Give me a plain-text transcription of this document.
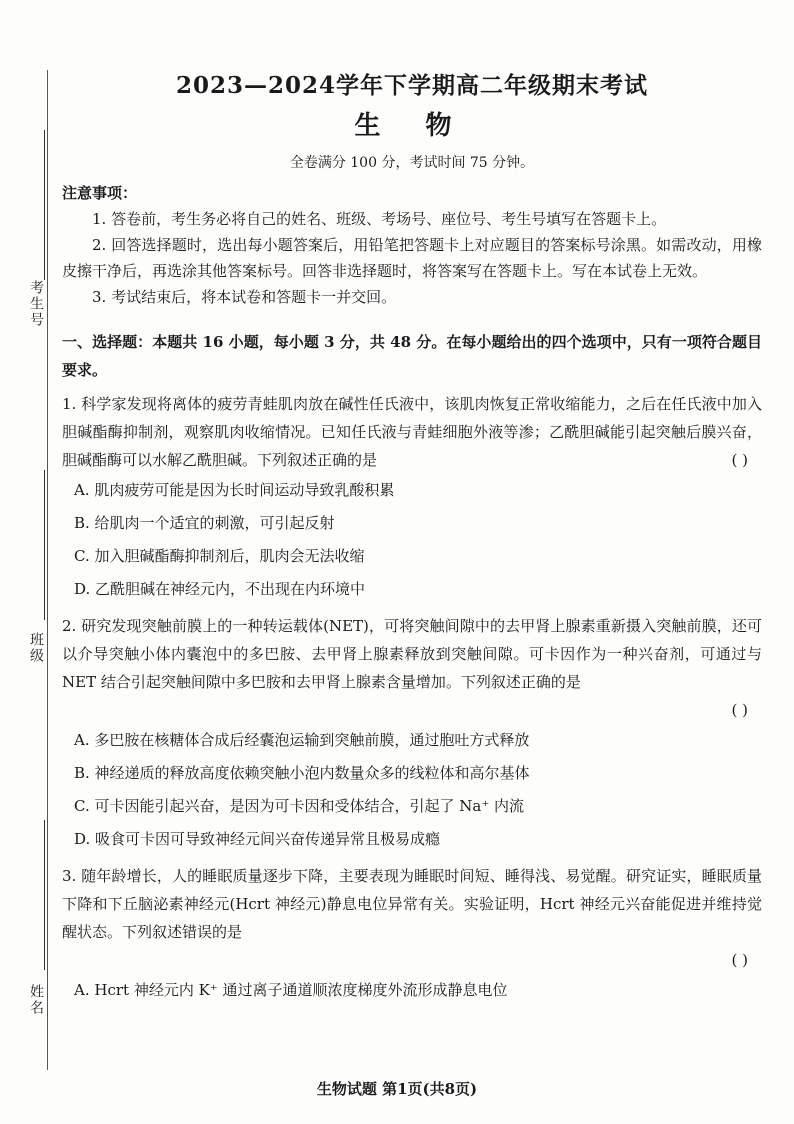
考生号
班级
姓名
2023—2024学年下学期高二年级期末考试
生 物
全卷满分 100 分，考试时间 75 分钟。
注意事项：
1. 答卷前，考生务必将自己的姓名、班级、考场号、座位号、考生号填写在答题卡上。
2. 回答选择题时，选出每小题答案后，用铅笔把答题卡上对应题目的答案标号涂黑。如需改动，用橡皮擦干净后，再选涂其他答案标号。回答非选择题时，将答案写在答题卡上。写在本试卷上无效。
3. 考试结束后，将本试卷和答题卡一并交回。
一、选择题：本题共 16 小题，每小题 3 分，共 48 分。在每小题给出的四个选项中，只有一项符合题目要求。
1. 科学家发现将离体的疲劳青蛙肌肉放在碱性任氏液中，该肌肉恢复正常收缩能力，之后在任氏液中加入胆碱酯酶抑制剂，观察肌肉收缩情况。已知任氏液与青蛙细胞外液等渗；乙酰胆碱能引起突触后膜兴奋，胆碱酯酶可以水解乙酰胆碱。下列叙述正确的是	( )
A. 肌肉疲劳可能是因为长时间运动导致乳酸积累
B. 给肌肉一个适宜的刺激，可引起反射
C. 加入胆碱酯酶抑制剂后，肌肉会无法收缩
D. 乙酰胆碱在神经元内，不出现在内环境中
2. 研究发现突触前膜上的一种转运载体(NET)，可将突触间隙中的去甲肾上腺素重新摄入突触前膜，还可以介导突触小体内囊泡中的多巴胺、去甲肾上腺素释放到突触间隙。可卡因作为一种兴奋剂，可通过与 NET 结合引起突触间隙中多巴胺和去甲肾上腺素含量增加。下列叙述正确的是
( )
A. 多巴胺在核糖体合成后经囊泡运输到突触前膜，通过胞吐方式释放
B. 神经递质的释放高度依赖突触小泡内数量众多的线粒体和高尔基体
C. 可卡因能引起兴奋，是因为可卡因和受体结合，引起了 Na⁺ 内流
D. 吸食可卡因可导致神经元间兴奋传递异常且极易成瘾
3. 随年龄增长，人的睡眠质量逐步下降，主要表现为睡眠时间短、睡得浅、易觉醒。研究证实，睡眠质量下降和下丘脑泌素神经元(Hcrt 神经元)静息电位异常有关。实验证明，Hcrt 神经元兴奋能促进并维持觉醒状态。下列叙述错误的是
( )
A. Hcrt 神经元内 K⁺ 通过离子通道顺浓度梯度外流形成静息电位
生物试题 第1页(共8页)
